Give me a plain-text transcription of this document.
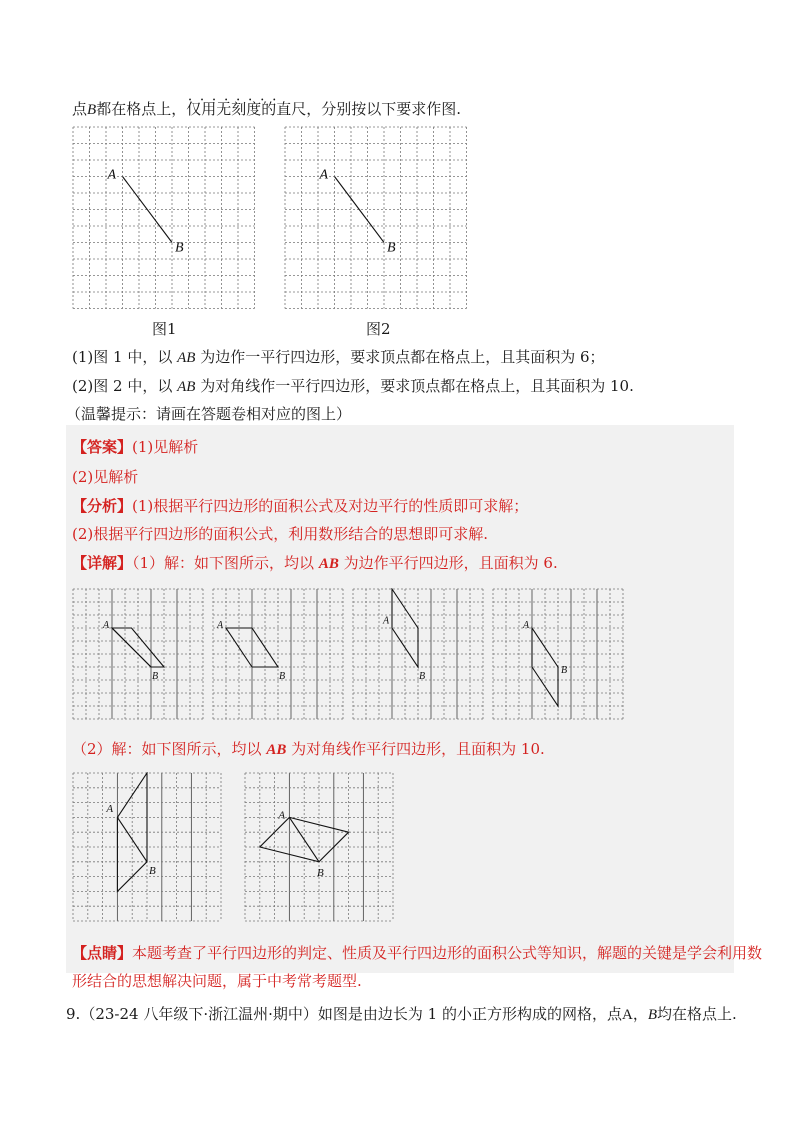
点B都在格点上，•••••••• 仅用无刻度的直尺，分别按以下要求作图.
A
B
A
B
图1	图2
(1)图 1 中，以 AB 为边作一平行四边形，要求顶点都在格点上，且其面积为 6；
(2)图 2 中，以 AB 为对角线作一平行四边形，要求顶点都在格点上，且其面积为 10.
（温馨提示：请画在答题卷相对应的图上）
【答案】(1)见解析
(2)见解析
【分析】(1)根据平行四边形的面积公式及对边平行的性质即可求解；
(2)根据平行四边形的面积公式，利用数形结合的思想即可求解.
【详解】（1）解：如下图所示，均以 AB 为边作平行四边形，且面积为 6.
A
B
A
B
A
B
A
B
（2）解：如下图所示，均以 AB 为对角线作平行四边形，且面积为 10.
A
B
A
B
【点睛】本题考查了平行四边形的判定、性质及平行四边形的面积公式等知识，解题的关键是学会利用数
形结合的思想解决问题，属于中考常考题型.
9.（23-24 八年级下·浙江温州·期中）如图是由边长为 1 的小正方形构成的网格，点A，B均在格点上.
